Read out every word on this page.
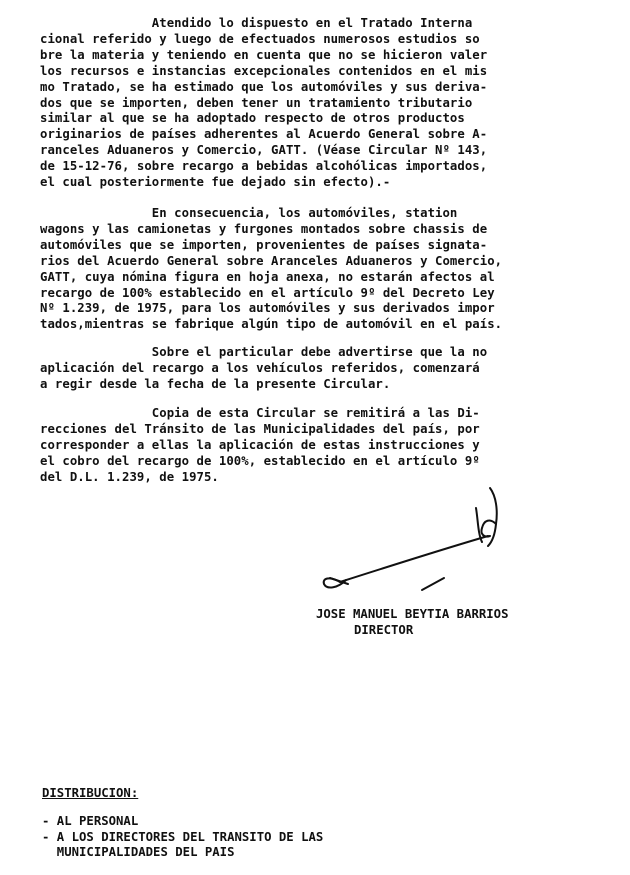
Atendido lo dispuesto en el Tratado Interna
cional referido y luego de efectuados numerosos estudios so
bre la materia y teniendo en cuenta que no se hicieron valer
los recursos e instancias excepcionales contenidos en el mis
mo Tratado, se ha estimado que los automóviles y sus deriva-
dos que se importen, deben tener un tratamiento tributario
similar al que se ha adoptado respecto de otros productos
originarios de países adherentes al Acuerdo General sobre A-
ranceles Aduaneros y Comercio, GATT. (Véase Circular Nº 143,
de 15-12-76, sobre recargo a bebidas alcohólicas importados,
el cual posteriormente fue dejado sin efecto).-

En consecuencia, los automóviles, station
wagons y las camionetas y furgones montados sobre chassis de
automóviles que se importen, provenientes de países signata-
rios del Acuerdo General sobre Aranceles Aduaneros y Comercio,
GATT, cuya nómina figura en hoja anexa, no estarán afectos al
recargo de 100% establecido en el artículo 9º del Decreto Ley
Nº 1.239, de 1975, para los automóviles y sus derivados impor
tados,mientras se fabrique algún tipo de automóvil en el país.

Sobre el particular debe advertirse que la no
aplicación del recargo a los vehículos referidos, comenzará
a regir desde la fecha de la presente Circular.

Copia de esta Circular se remitirá a las Di-
recciones del Tránsito de las Municipalidades del país, por
corresponder a ellas la aplicación de estas instrucciones y
el cobro del recargo de 100%, establecido en el artículo 9º
del D.L. 1.239, de 1975.

JOSE MANUEL BEYTIA BARRIOS
DIRECTOR
DISTRIBUCION:
- AL PERSONAL
- A LOS DIRECTORES DEL TRANSITO DE LAS
MUNICIPALIDADES DEL PAIS
